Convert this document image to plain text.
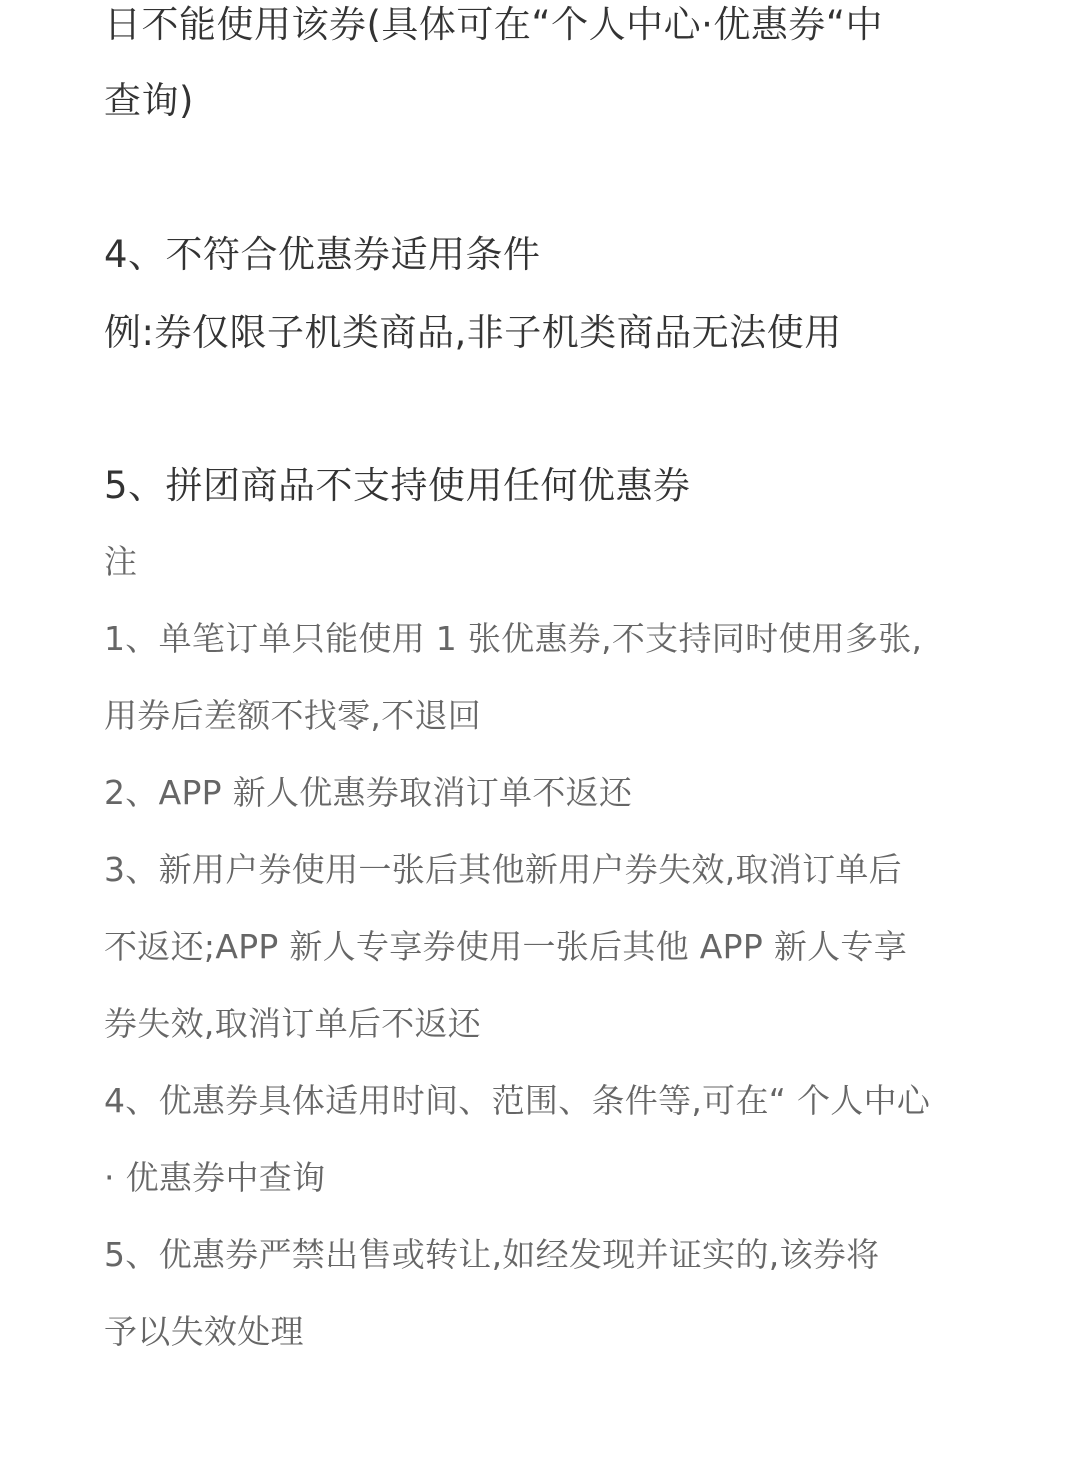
日不能使用该券(具体可在“个人中心·优惠券“中
查询)
4、不符合优惠券适用条件
例:券仅限子机类商品,非子机类商品无法使用
5、拼团商品不支持使用任何优惠券
注
1、单笔订单只能使用 1 张优惠券,不支持同时使用多张,
用券后差额不找零,不退回
2、APP 新人优惠券取消订单不返还
3、新用户券使用一张后其他新用户券失效,取消订单后
不返还;APP 新人专享券使用一张后其他 APP 新人专享
券失效,取消订单后不返还
4、优惠券具体适用时间、范围、条件等,可在“ 个人中心
· 优惠券中查询
5、优惠券严禁出售或转让,如经发现并证实的,该券将
予以失效处理
